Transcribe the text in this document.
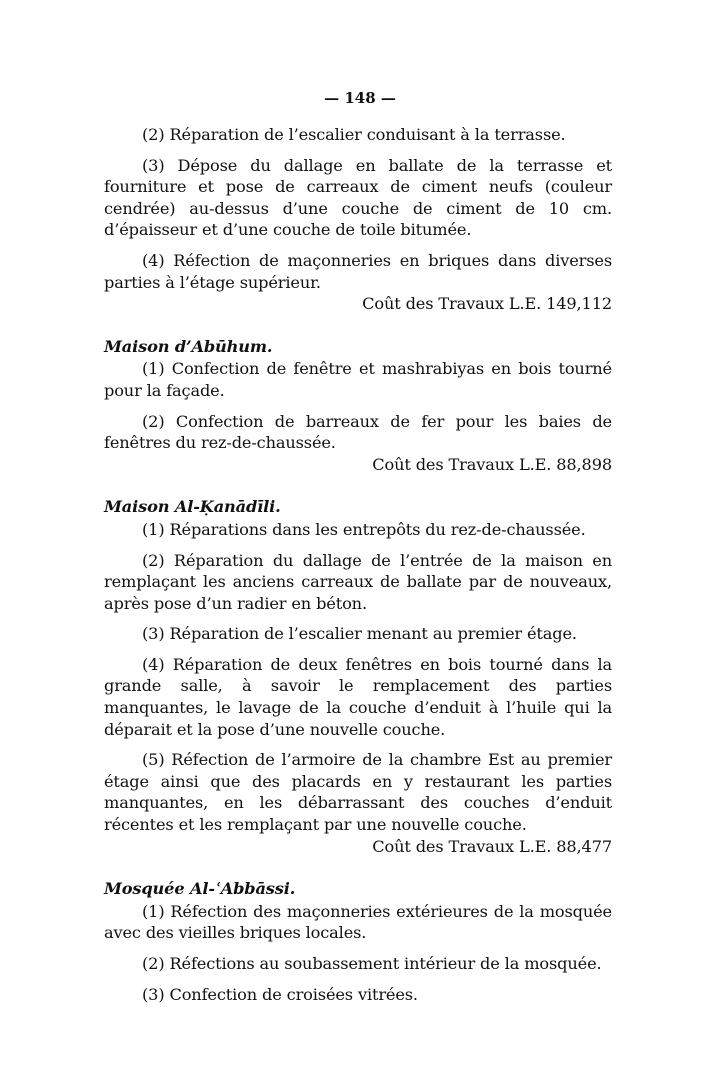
— 148 —

(2) Réparation de l’escalier conduisant à la terrasse.

(3) Dépose du dallage en ballate de la terrasse et fourniture et pose de carreaux de ciment neufs (couleur cendrée) au-dessus d’une couche de ciment de 10 cm. d’épaisseur et d’une couche de toile bitumée.

(4) Réfection de maçonneries en briques dans diverses parties à l’étage supérieur.

Coût des Travaux L.E. 149,112
Maison d’Abūhum.

(1) Confection de fenêtre et mashrabiyas en bois tourné pour la façade.

(2) Confection de barreaux de fer pour les baies de fenêtres du rez-de-chaussée.

Coût des Travaux L.E. 88,898
Maison Al-Ḳanādīli.

(1) Réparations dans les entrepôts du rez-de-chaussée.

(2) Réparation du dallage de l’entrée de la maison en remplaçant les anciens carreaux de ballate par de nouveaux, après pose d’un radier en béton.

(3) Réparation de l’escalier menant au premier étage.

(4) Réparation de deux fenêtres en bois tourné dans la grande salle, à savoir le remplacement des parties manquantes, le lavage de la couche d’enduit à l’huile qui la déparait et la pose d’une nouvelle couche.

(5) Réfection de l’armoire de la chambre Est au premier étage ainsi que des placards en y restaurant les parties manquantes, en les débarrassant des couches d’enduit récentes et les remplaçant par une nouvelle couche.

Coût des Travaux L.E. 88,477
Mosquée Al-ʿAbbāssi.

(1) Réfection des maçonneries extérieures de la mosquée avec des vieilles briques locales.

(2) Réfections au soubassement intérieur de la mosquée.

(3) Confection de croisées vitrées.
